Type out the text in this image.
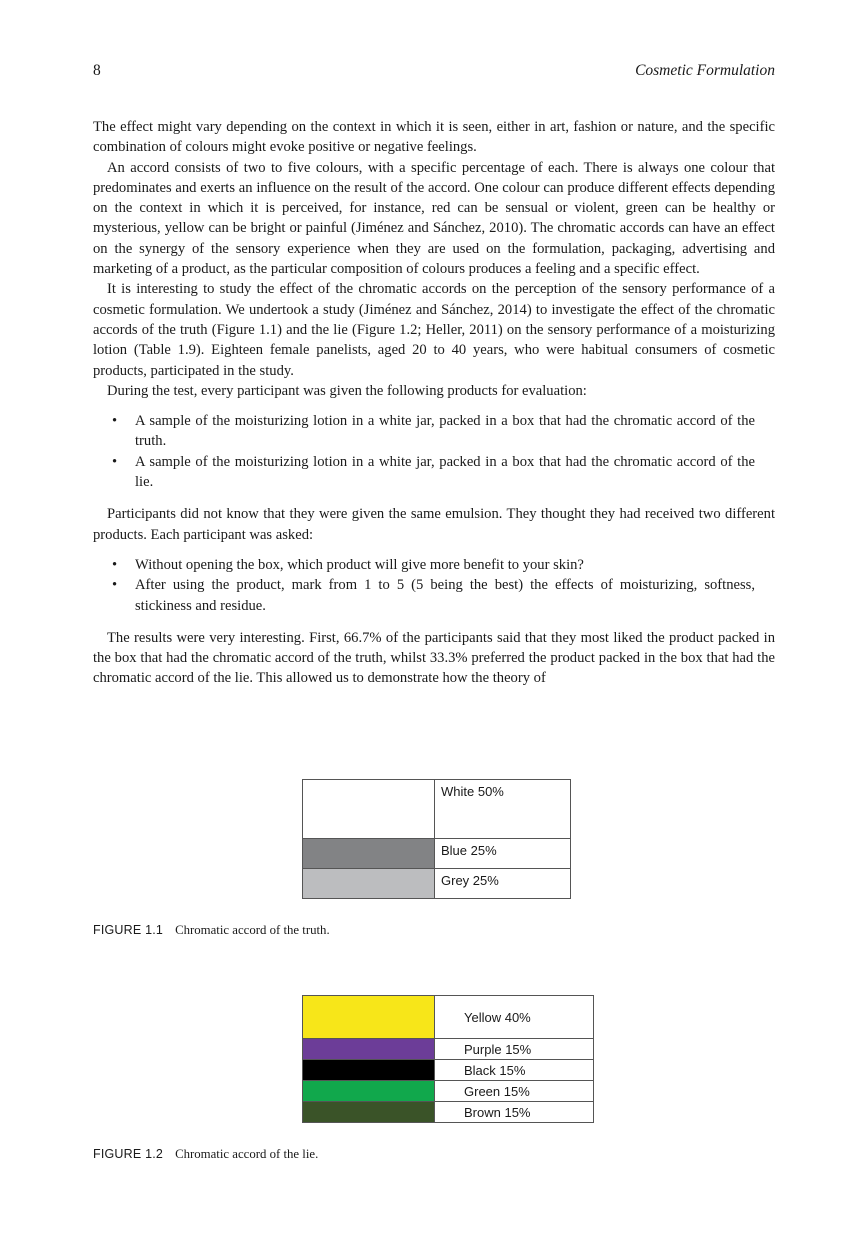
8	Cosmetic Formulation

The effect might vary depending on the context in which it is seen, either in art, fashion or nature, and the specific combination of colours might evoke positive or negative feelings.

An accord consists of two to five colours, with a specific percentage of each. There is always one colour that predominates and exerts an influence on the result of the accord. One colour can produce different effects depending on the context in which it is perceived, for instance, red can be sensual or violent, green can be healthy or mysterious, yellow can be bright or painful (Jiménez and Sánchez, 2010). The chromatic accords can have an effect on the synergy of the sensory experience when they are used on the formulation, packaging, advertising and marketing of a product, as the particular composition of colours produces a feeling and a specific effect.

It is interesting to study the effect of the chromatic accords on the perception of the sensory performance of a cosmetic formulation. We undertook a study (Jiménez and Sánchez, 2014) to investigate the effect of the chromatic accords of the truth (Figure 1.1) and the lie (Figure 1.2; Heller, 2011) on the sensory performance of a moisturizing lotion (Table 1.9). Eighteen female panelists, aged 20 to 40 years, who were habitual consumers of cosmetic products, participated in the study.

During the test, every participant was given the following products for evaluation:

• A sample of the moisturizing lotion in a white jar, packed in a box that had the chromatic accord of the truth.
• A sample of the moisturizing lotion in a white jar, packed in a box that had the chromatic accord of the lie.

Participants did not know that they were given the same emulsion. They thought they had received two different products. Each participant was asked:

• Without opening the box, which product will give more benefit to your skin?
• After using the product, mark from 1 to 5 (5 being the best) the effects of moisturizing, softness, stickiness and residue.

The results were very interesting. First, 66.7% of the participants said that they most liked the product packed in the box that had the chromatic accord of the truth, whilst 33.3% preferred the product packed in the box that had the chromatic accord of the lie. This allowed us to demonstrate how the theory of

	White 50%
	Blue 25%
	Grey 25%
FIGURE 1.1 Chromatic accord of the truth.
	Yellow 40%
	Purple 15%
	Black 15%
	Green 15%
	Brown 15%
FIGURE 1.2 Chromatic accord of the lie.
